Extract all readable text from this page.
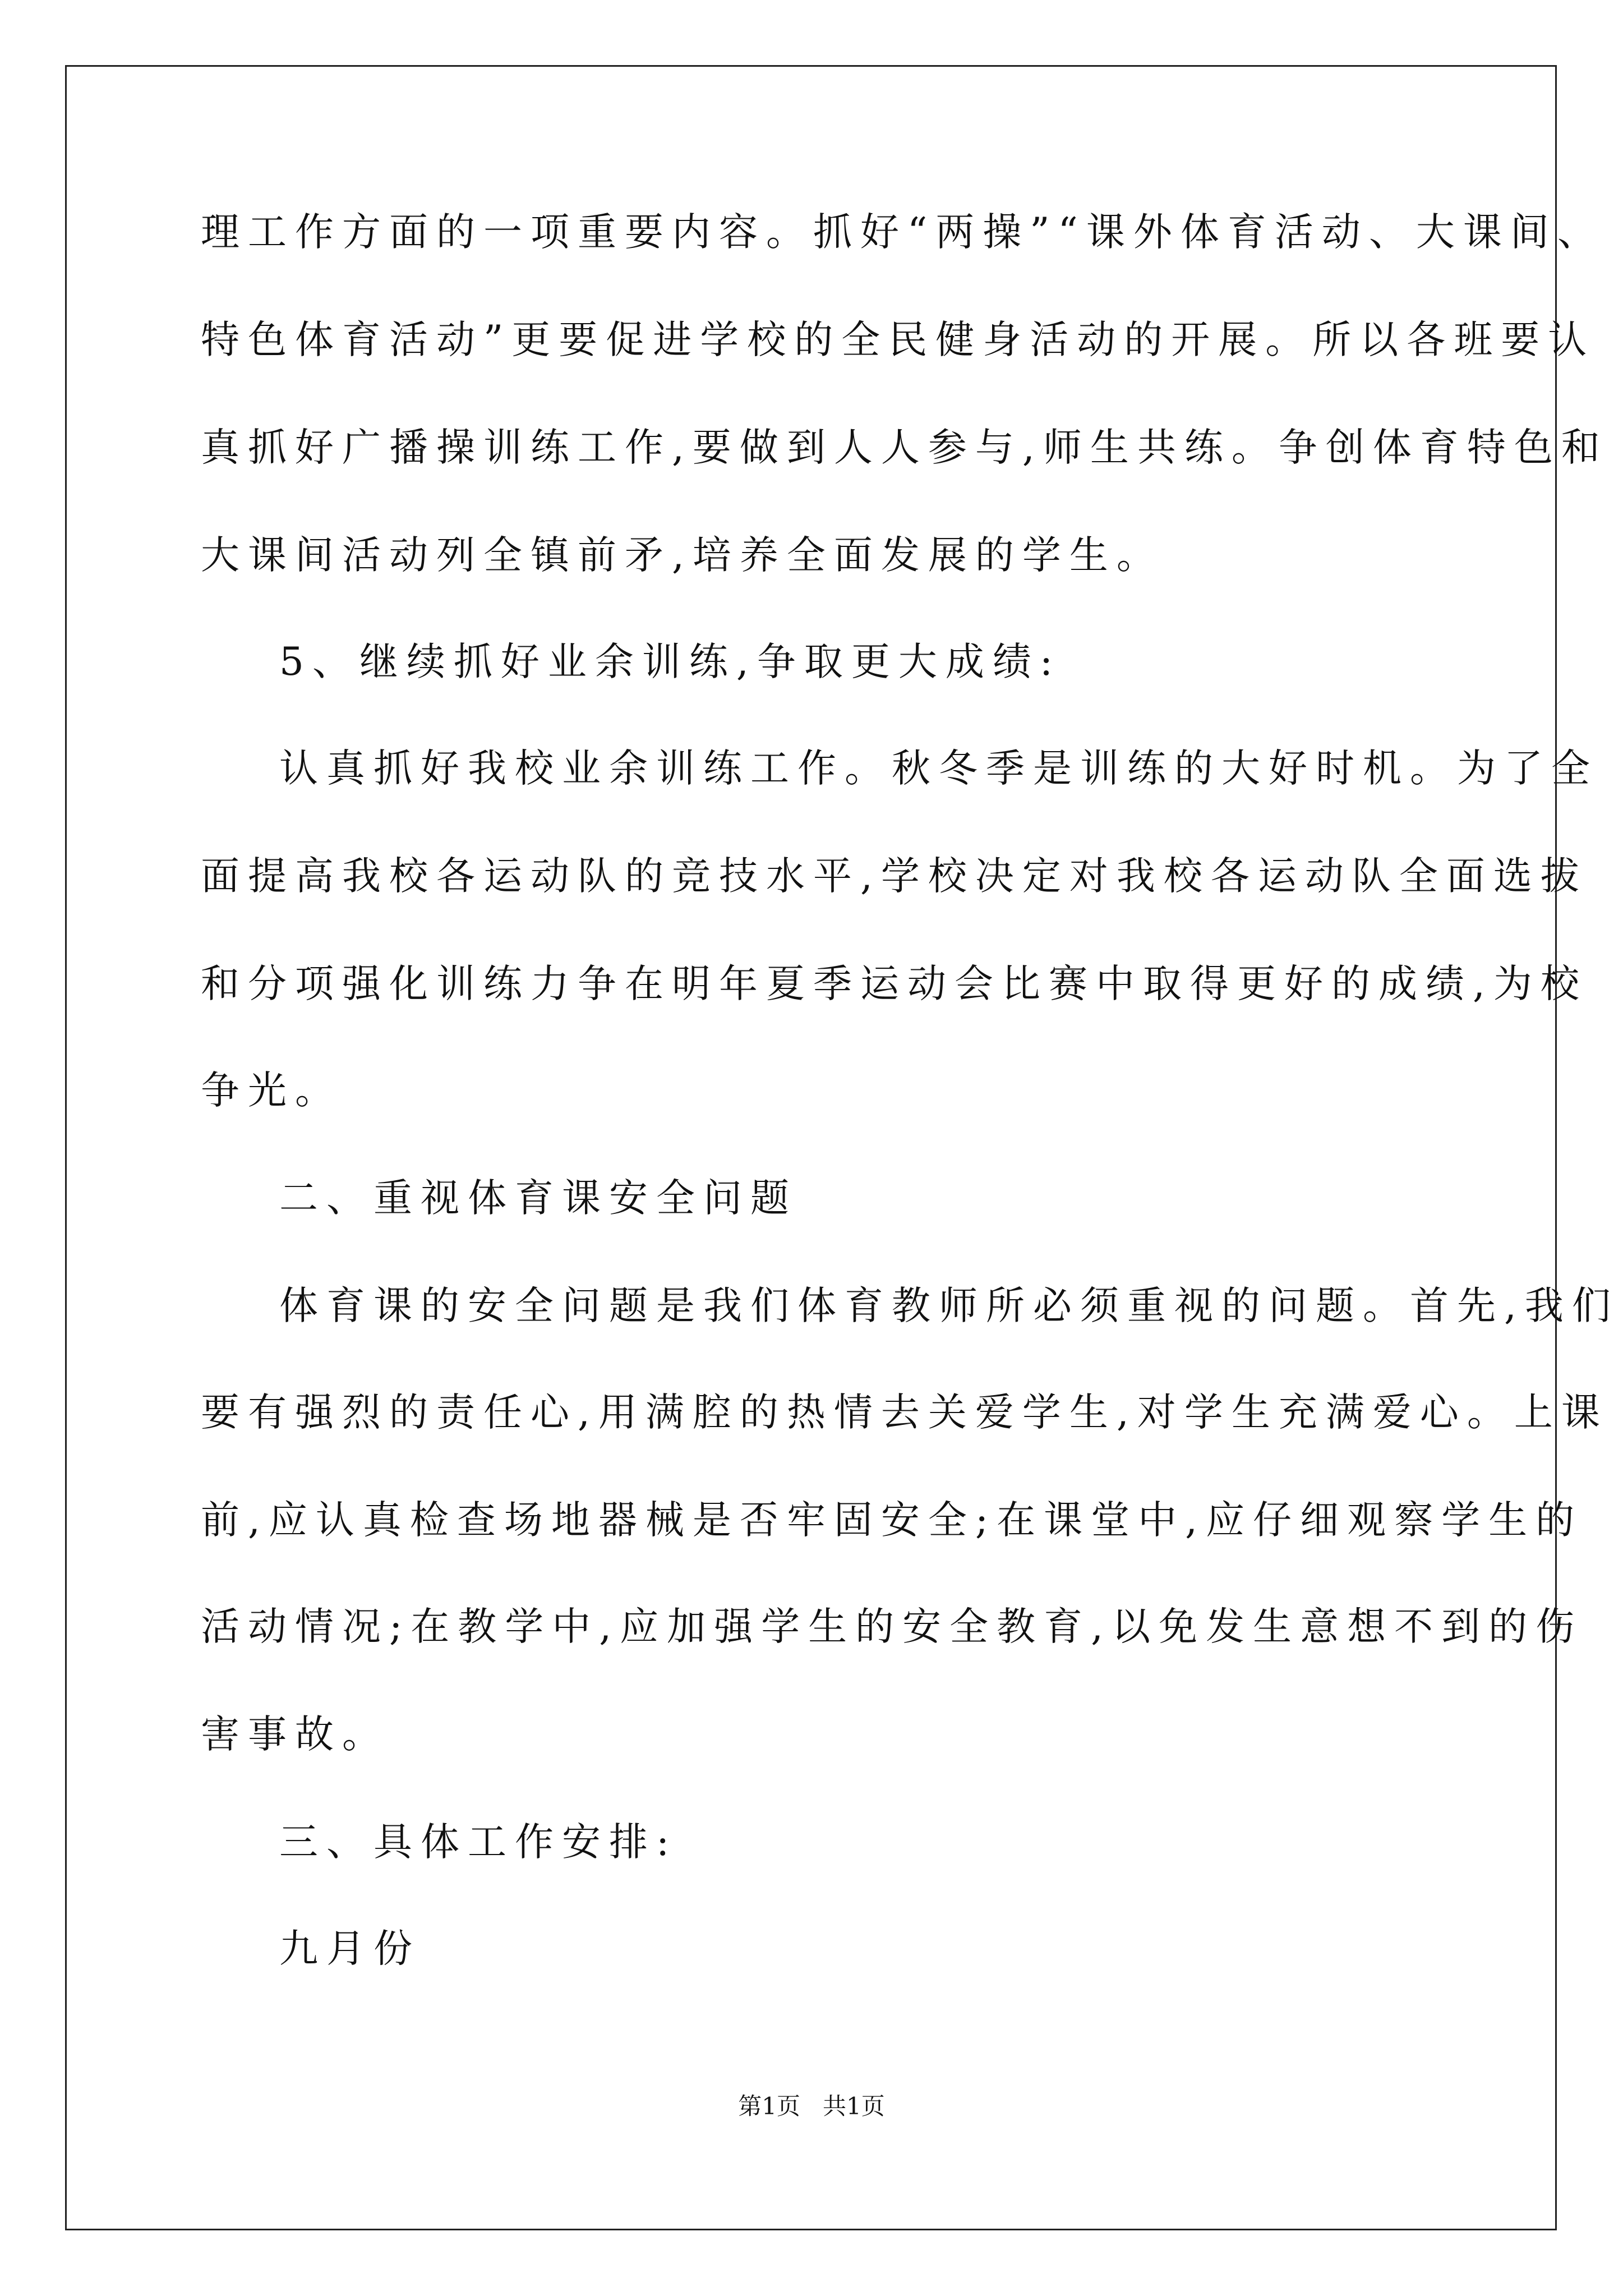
理工作方面的一项重要内容。抓好“两操”“课外体育活动、大课间、
特色体育活动”更要促进学校的全民健身活动的开展。所以各班要认
真抓好广播操训练工作,要做到人人参与,师生共练。争创体育特色和
大课间活动列全镇前矛,培养全面发展的学生。
5、继续抓好业余训练,争取更大成绩:
认真抓好我校业余训练工作。秋冬季是训练的大好时机。为了全
面提高我校各运动队的竞技水平,学校决定对我校各运动队全面选拔
和分项强化训练力争在明年夏季运动会比赛中取得更好的成绩,为校
争光。
二、重视体育课安全问题
体育课的安全问题是我们体育教师所必须重视的问题。首先,我们
要有强烈的责任心,用满腔的热情去关爱学生,对学生充满爱心。上课
前,应认真检查场地器械是否牢固安全;在课堂中,应仔细观察学生的
活动情况;在教学中,应加强学生的安全教育,以免发生意想不到的伤
害事故。
三、具体工作安排:
九月份
第1页   共1页
